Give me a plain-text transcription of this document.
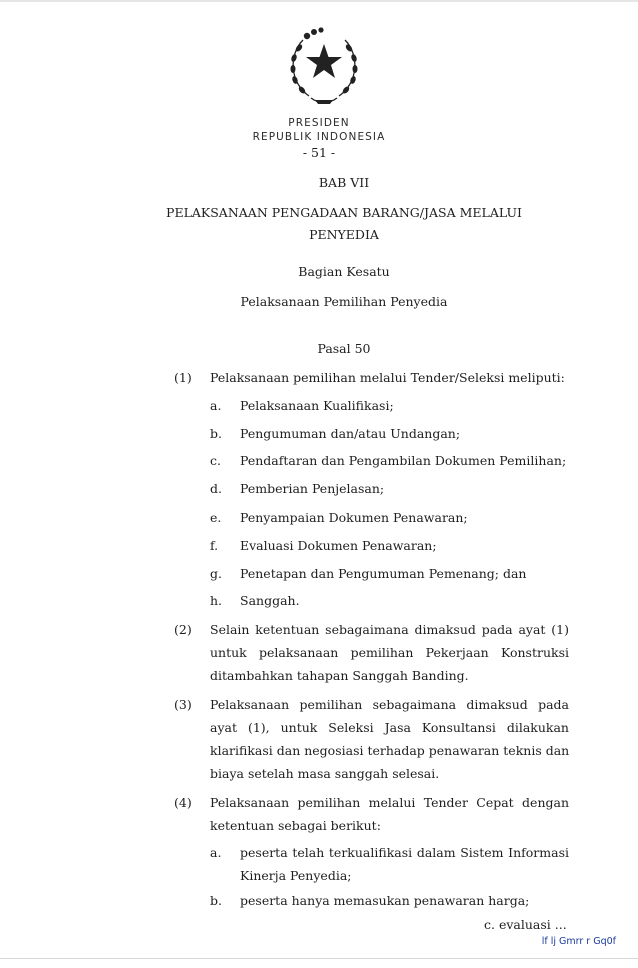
PRESIDEN
REPUBLIK INDONESIA
- 51 -
BAB VII
PELAKSANAAN PENGADAAN BARANG/JASA MELALUI
PENYEDIA
Bagian Kesatu
Pelaksanaan Pemilihan Penyedia
Pasal 50
(1) Pelaksanaan pemilihan melalui Tender/Seleksi meliputi:
a. Pelaksanaan Kualifikasi;
b. Pengumuman dan/atau Undangan;
c. Pendaftaran dan Pengambilan Dokumen Pemilihan;
d. Pemberian Penjelasan;
e. Penyampaian Dokumen Penawaran;
f. Evaluasi Dokumen Penawaran;
g. Penetapan dan Pengumuman Pemenang; dan
h. Sanggah.
(2) Selain ketentuan sebagaimana dimaksud pada ayat (1)
untuk pelaksanaan pemilihan Pekerjaan Konstruksi
ditambahkan tahapan Sanggah Banding.
(3) Pelaksanaan pemilihan sebagaimana dimaksud pada
ayat (1), untuk Seleksi Jasa Konsultansi dilakukan
klarifikasi dan negosiasi terhadap penawaran teknis dan
biaya setelah masa sanggah selesai.
(4) Pelaksanaan pemilihan melalui Tender Cepat dengan
ketentuan sebagai berikut:
a. peserta telah terkualifikasi dalam Sistem Informasi
Kinerja Penyedia;
b. peserta hanya memasukan penawaran harga;
c. evaluasi ...
lf lj Gmrr r Gq0f
